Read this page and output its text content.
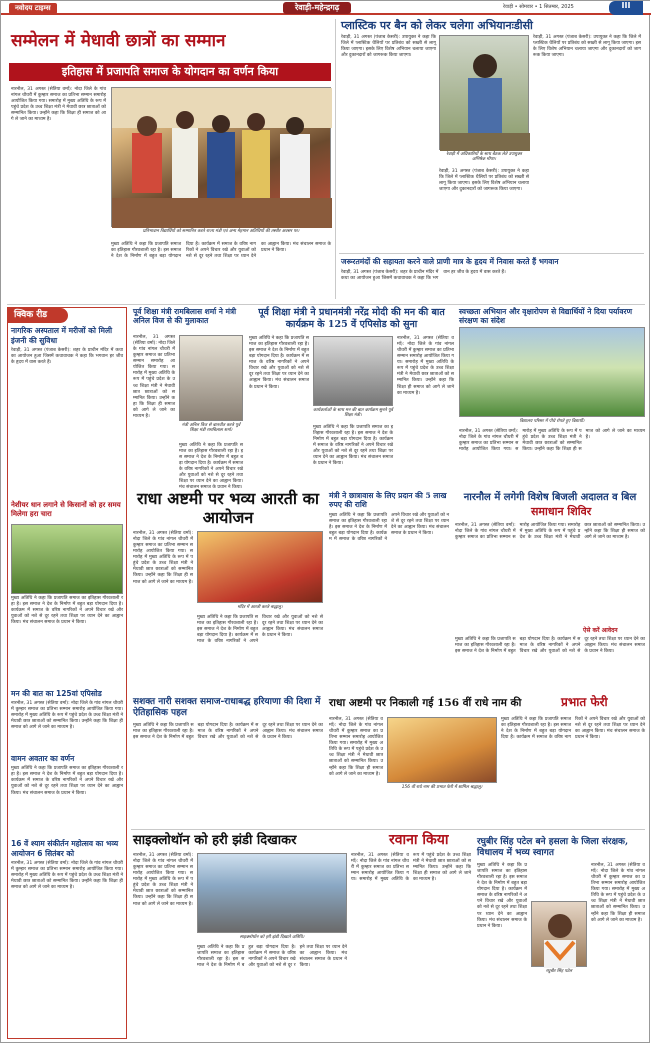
नवोदय टाइम्स	रेवाड़ी-महेन्द्रगढ़	रेवाड़ी • सोमवार • 1 सितम्बर, 2025	III
सम्मेलन में मेधावी छात्रों का सम्मान
इतिहास में प्रजापति समाज के योगदान का वर्णन किया
नारनौल, 31 अगस्त (सेतिया वर्मा): नोदा जिले के गांव नांगल चौधरी में कुम्हार समाज का प्रतिभा सम्मान समारोह आयोजित किया गया। समारोह में मुख्य अतिथि के रूप में पहुंचे प्रदेश के उच्च शिक्षा मंत्री ने मेधावी छात्र छात्राओं को सम्मानित किया। उन्होंने कहा कि शिक्षा ही समाज को आगे ले जाने का माध्यम है।
प्रतिभावान विद्यार्थियों को सम्मानित करते राज्य मंत्री एवं अन्य मेहमान अतिथियों की तस्वीर अवसर पर।
मुख्य अतिथि ने कहा कि प्रजापति समाज का इतिहास गौरवशाली रहा है। इस समाज ने देश के निर्माण में बहुत बड़ा योगदान दिया है। कार्यक्रम में समाज के वरिष्ठ नागरिकों ने अपने विचार रखे और युवाओं को नशे से दूर रहने तथा शिक्षा पर ध्यान देने का आह्वान किया। मंच संचालन समाज के प्रधान ने किया।
प्लास्टिक पर बैन को लेकर चलेगा अभियानःडीसी
रेवाड़ी, 31 अगस्त (पंजाब केसरी): उपायुक्त ने कहा कि जिले में प्लास्टिक थैलियों पर प्रतिबंध को सख्ती से लागू किया जाएगा। इसके लिए विशेष अभियान चलाया जाएगा और दुकानदारों को जागरूक किया जाएगा।
रेवाड़ी में अधिकारियों के साथ बैठक लेते उपायुक्त अभिषेक मीणा।
रेवाड़ी, 31 अगस्त (पंजाब केसरी): उपायुक्त ने कहा कि जिले में प्लास्टिक थैलियों पर प्रतिबंध को सख्ती से लागू किया जाएगा। इसके लिए विशेष अभियान चलाया जाएगा और दुकानदारों को जागरूक किया जाएगा।
रेवाड़ी, 31 अगस्त (पंजाब केसरी): उपायुक्त ने कहा कि जिले में प्लास्टिक थैलियों पर प्रतिबंध को सख्ती से लागू किया जाएगा। इसके लिए विशेष अभियान चलाया जाएगा और दुकानदारों को जागरूक किया जाएगा।
जरूरतमंदों की सहायता करने वाले प्राणी मात्र के हृदय में निवास करते हैं भगवान
रेवाड़ी, 31 अगस्त (पंजाब केसरी): शहर के प्राचीन मंदिर में कथा का आयोजन हुआ जिसमें कथावाचक ने कहा कि भगवान हर जीव के हृदय में वास करते हैं।
क्विक रीड
नागरिक अस्पताल में मरीजों को मिली इंजनी की सुविधा
रेवाड़ी, 31 अगस्त (पंजाब केसरी): शहर के प्राचीन मंदिर में कथा का आयोजन हुआ जिसमें कथावाचक ने कहा कि भगवान हर जीव के हृदय में वास करते हैं।
नेशीयर धान लगाने से किसानों को हर समय मिलेगा हरा चारा
मुख्य अतिथि ने कहा कि प्रजापति समाज का इतिहास गौरवशाली रहा है। इस समाज ने देश के निर्माण में बहुत बड़ा योगदान दिया है। कार्यक्रम में समाज के वरिष्ठ नागरिकों ने अपने विचार रखे और युवाओं को नशे से दूर रहने तथा शिक्षा पर ध्यान देने का आह्वान किया। मंच संचालन समाज के प्रधान ने किया।
मन की बात का 125वां एपिसोड
नारनौल, 31 अगस्त (सेतिया वर्मा): नोदा जिले के गांव नांगल चौधरी में कुम्हार समाज का प्रतिभा सम्मान समारोह आयोजित किया गया। समारोह में मुख्य अतिथि के रूप में पहुंचे प्रदेश के उच्च शिक्षा मंत्री ने मेधावी छात्र छात्राओं को सम्मानित किया। उन्होंने कहा कि शिक्षा ही समाज को आगे ले जाने का माध्यम है।
वामन अवतार का वर्णन
मुख्य अतिथि ने कहा कि प्रजापति समाज का इतिहास गौरवशाली रहा है। इस समाज ने देश के निर्माण में बहुत बड़ा योगदान दिया है। कार्यक्रम में समाज के वरिष्ठ नागरिकों ने अपने विचार रखे और युवाओं को नशे से दूर रहने तथा शिक्षा पर ध्यान देने का आह्वान किया। मंच संचालन समाज के प्रधान ने किया।
16 वें श्याम संकीर्तन महोत्सव का भव्य आयोजन 6 सितंबर को
नारनौल, 31 अगस्त (सेतिया वर्मा): नोदा जिले के गांव नांगल चौधरी में कुम्हार समाज का प्रतिभा सम्मान समारोह आयोजित किया गया। समारोह में मुख्य अतिथि के रूप में पहुंचे प्रदेश के उच्च शिक्षा मंत्री ने मेधावी छात्र छात्राओं को सम्मानित किया। उन्होंने कहा कि शिक्षा ही समाज को आगे ले जाने का माध्यम है।
पूर्व शिक्षा मंत्री रामबिलास शर्मा ने मंत्री अनिल विज से की मुलाकात
नारनौल, 31 अगस्त (सेतिया वर्मा): नोदा जिले के गांव नांगल चौधरी में कुम्हार समाज का प्रतिभा सम्मान समारोह आयोजित किया गया। समारोह में मुख्य अतिथि के रूप में पहुंचे प्रदेश के उच्च शिक्षा मंत्री ने मेधावी छात्र छात्राओं को सम्मानित किया। उन्होंने कहा कि शिक्षा ही समाज को आगे ले जाने का माध्यम है।
मंत्री अनिल विज से बातचीत करते पूर्व शिक्षा मंत्री रामबिलास शर्मा।
मुख्य अतिथि ने कहा कि प्रजापति समाज का इतिहास गौरवशाली रहा है। इस समाज ने देश के निर्माण में बहुत बड़ा योगदान दिया है। कार्यक्रम में समाज के वरिष्ठ नागरिकों ने अपने विचार रखे और युवाओं को नशे से दूर रहने तथा शिक्षा पर ध्यान देने का आह्वान किया। मंच संचालन समाज के प्रधान ने किया।
पूर्व शिक्षा मंत्री ने प्रधानमंत्री नरेंद्र मोदी की मन की बात कार्यक्रम के 125 वें एपिसोड को सुना
मुख्य अतिथि ने कहा कि प्रजापति समाज का इतिहास गौरवशाली रहा है। इस समाज ने देश के निर्माण में बहुत बड़ा योगदान दिया है। कार्यक्रम में समाज के वरिष्ठ नागरिकों ने अपने विचार रखे और युवाओं को नशे से दूर रहने तथा शिक्षा पर ध्यान देने का आह्वान किया। मंच संचालन समाज के प्रधान ने किया।
नारनौल, 31 अगस्त (सेतिया वर्मा): नोदा जिले के गांव नांगल चौधरी में कुम्हार समाज का प्रतिभा सम्मान समारोह आयोजित किया गया। समारोह में मुख्य अतिथि के रूप में पहुंचे प्रदेश के उच्च शिक्षा मंत्री ने मेधावी छात्र छात्राओं को सम्मानित किया। उन्होंने कहा कि शिक्षा ही समाज को आगे ले जाने का माध्यम है।
कार्यकर्ताओं के साथ मन की बात कार्यक्रम सुनते पूर्व शिक्षा मंत्री।
मुख्य अतिथि ने कहा कि प्रजापति समाज का इतिहास गौरवशाली रहा है। इस समाज ने देश के निर्माण में बहुत बड़ा योगदान दिया है। कार्यक्रम में समाज के वरिष्ठ नागरिकों ने अपने विचार रखे और युवाओं को नशे से दूर रहने तथा शिक्षा पर ध्यान देने का आह्वान किया। मंच संचालन समाज के प्रधान ने किया।
स्वच्छता अभियान और वृक्षारोपण से विद्यार्थियों ने दिया पर्यावरण संरक्षण का संदेश
विद्यालय परिसर में पौधे रोपते हुए विद्यार्थी।
नारनौल, 31 अगस्त (सेतिया वर्मा): नोदा जिले के गांव नांगल चौधरी में कुम्हार समाज का प्रतिभा सम्मान समारोह आयोजित किया गया। समारोह में मुख्य अतिथि के रूप में पहुंचे प्रदेश के उच्च शिक्षा मंत्री ने मेधावी छात्र छात्राओं को सम्मानित किया। उन्होंने कहा कि शिक्षा ही समाज को आगे ले जाने का माध्यम है।
राधा अष्टमी पर भव्य आरती का आयोजन
नारनौल, 31 अगस्त (सेतिया वर्मा): नोदा जिले के गांव नांगल चौधरी में कुम्हार समाज का प्रतिभा सम्मान समारोह आयोजित किया गया। समारोह में मुख्य अतिथि के रूप में पहुंचे प्रदेश के उच्च शिक्षा मंत्री ने मेधावी छात्र छात्राओं को सम्मानित किया। उन्होंने कहा कि शिक्षा ही समाज को आगे ले जाने का माध्यम है।
मंदिर में आरती करते श्रद्धालु।
मुख्य अतिथि ने कहा कि प्रजापति समाज का इतिहास गौरवशाली रहा है। इस समाज ने देश के निर्माण में बहुत बड़ा योगदान दिया है। कार्यक्रम में समाज के वरिष्ठ नागरिकों ने अपने विचार रखे और युवाओं को नशे से दूर रहने तथा शिक्षा पर ध्यान देने का आह्वान किया। मंच संचालन समाज के प्रधान ने किया।
मंत्री ने छात्रावास के लिए प्रदान की 5 लाख रुपए की राशि
मुख्य अतिथि ने कहा कि प्रजापति समाज का इतिहास गौरवशाली रहा है। इस समाज ने देश के निर्माण में बहुत बड़ा योगदान दिया है। कार्यक्रम में समाज के वरिष्ठ नागरिकों ने अपने विचार रखे और युवाओं को नशे से दूर रहने तथा शिक्षा पर ध्यान देने का आह्वान किया। मंच संचालन समाज के प्रधान ने किया।
नारनौल में लगेगी विशेष बिजली अदालत व बिल
समाधान शिविर
नारनौल, 31 अगस्त (सेतिया वर्मा): नोदा जिले के गांव नांगल चौधरी में कुम्हार समाज का प्रतिभा सम्मान समारोह आयोजित किया गया। समारोह में मुख्य अतिथि के रूप में पहुंचे प्रदेश के उच्च शिक्षा मंत्री ने मेधावी छात्र छात्राओं को सम्मानित किया। उन्होंने कहा कि शिक्षा ही समाज को आगे ले जाने का माध्यम है।
ऐसे करें आवेदन
मुख्य अतिथि ने कहा कि प्रजापति समाज का इतिहास गौरवशाली रहा है। इस समाज ने देश के निर्माण में बहुत बड़ा योगदान दिया है। कार्यक्रम में समाज के वरिष्ठ नागरिकों ने अपने विचार रखे और युवाओं को नशे से दूर रहने तथा शिक्षा पर ध्यान देने का आह्वान किया। मंच संचालन समाज के प्रधान ने किया।
सशक्त नारी सशक्त समाज-राधाबद्ध हरियाणा की दिशा में ऐतिहासिक पहल
मुख्य अतिथि ने कहा कि प्रजापति समाज का इतिहास गौरवशाली रहा है। इस समाज ने देश के निर्माण में बहुत बड़ा योगदान दिया है। कार्यक्रम में समाज के वरिष्ठ नागरिकों ने अपने विचार रखे और युवाओं को नशे से दूर रहने तथा शिक्षा पर ध्यान देने का आह्वान किया। मंच संचालन समाज के प्रधान ने किया।
राधा अष्टमी पर निकाली गई 156 वीं राधे नाम की	प्रभात फेरी
नारनौल, 31 अगस्त (सेतिया वर्मा): नोदा जिले के गांव नांगल चौधरी में कुम्हार समाज का प्रतिभा सम्मान समारोह आयोजित किया गया। समारोह में मुख्य अतिथि के रूप में पहुंचे प्रदेश के उच्च शिक्षा मंत्री ने मेधावी छात्र छात्राओं को सम्मानित किया। उन्होंने कहा कि शिक्षा ही समाज को आगे ले जाने का माध्यम है।
156 वीं राधे नाम की प्रभात फेरी में शामिल श्रद्धालु।
मुख्य अतिथि ने कहा कि प्रजापति समाज का इतिहास गौरवशाली रहा है। इस समाज ने देश के निर्माण में बहुत बड़ा योगदान दिया है। कार्यक्रम में समाज के वरिष्ठ नागरिकों ने अपने विचार रखे और युवाओं को नशे से दूर रहने तथा शिक्षा पर ध्यान देने का आह्वान किया। मंच संचालन समाज के प्रधान ने किया।
साइक्लोथॉन को हरी झंडी दिखाकर	रवाना किया
नारनौल, 31 अगस्त (सेतिया वर्मा): नोदा जिले के गांव नांगल चौधरी में कुम्हार समाज का प्रतिभा सम्मान समारोह आयोजित किया गया। समारोह में मुख्य अतिथि के रूप में पहुंचे प्रदेश के उच्च शिक्षा मंत्री ने मेधावी छात्र छात्राओं को सम्मानित किया। उन्होंने कहा कि शिक्षा ही समाज को आगे ले जाने का माध्यम है।
साइक्लोथॉन को हरी झंडी दिखाते अतिथि।
मुख्य अतिथि ने कहा कि प्रजापति समाज का इतिहास गौरवशाली रहा है। इस समाज ने देश के निर्माण में बहुत बड़ा योगदान दिया है। कार्यक्रम में समाज के वरिष्ठ नागरिकों ने अपने विचार रखे और युवाओं को नशे से दूर रहने तथा शिक्षा पर ध्यान देने का आह्वान किया। मंच संचालन समाज के प्रधान ने किया।
नारनौल, 31 अगस्त (सेतिया वर्मा): नोदा जिले के गांव नांगल चौधरी में कुम्हार समाज का प्रतिभा सम्मान समारोह आयोजित किया गया। समारोह में मुख्य अतिथि के रूप में पहुंचे प्रदेश के उच्च शिक्षा मंत्री ने मेधावी छात्र छात्राओं को सम्मानित किया। उन्होंने कहा कि शिक्षा ही समाज को आगे ले जाने का माध्यम है।
रघुबीर सिंह पटेल बने हसला के जिला संरक्षक, विधालय में भव्य स्वागत
मुख्य अतिथि ने कहा कि प्रजापति समाज का इतिहास गौरवशाली रहा है। इस समाज ने देश के निर्माण में बहुत बड़ा योगदान दिया है। कार्यक्रम में समाज के वरिष्ठ नागरिकों ने अपने विचार रखे और युवाओं को नशे से दूर रहने तथा शिक्षा पर ध्यान देने का आह्वान किया। मंच संचालन समाज के प्रधान ने किया।
रघुबीर सिंह पटेल
नारनौल, 31 अगस्त (सेतिया वर्मा): नोदा जिले के गांव नांगल चौधरी में कुम्हार समाज का प्रतिभा सम्मान समारोह आयोजित किया गया। समारोह में मुख्य अतिथि के रूप में पहुंचे प्रदेश के उच्च शिक्षा मंत्री ने मेधावी छात्र छात्राओं को सम्मानित किया। उन्होंने कहा कि शिक्षा ही समाज को आगे ले जाने का माध्यम है।
